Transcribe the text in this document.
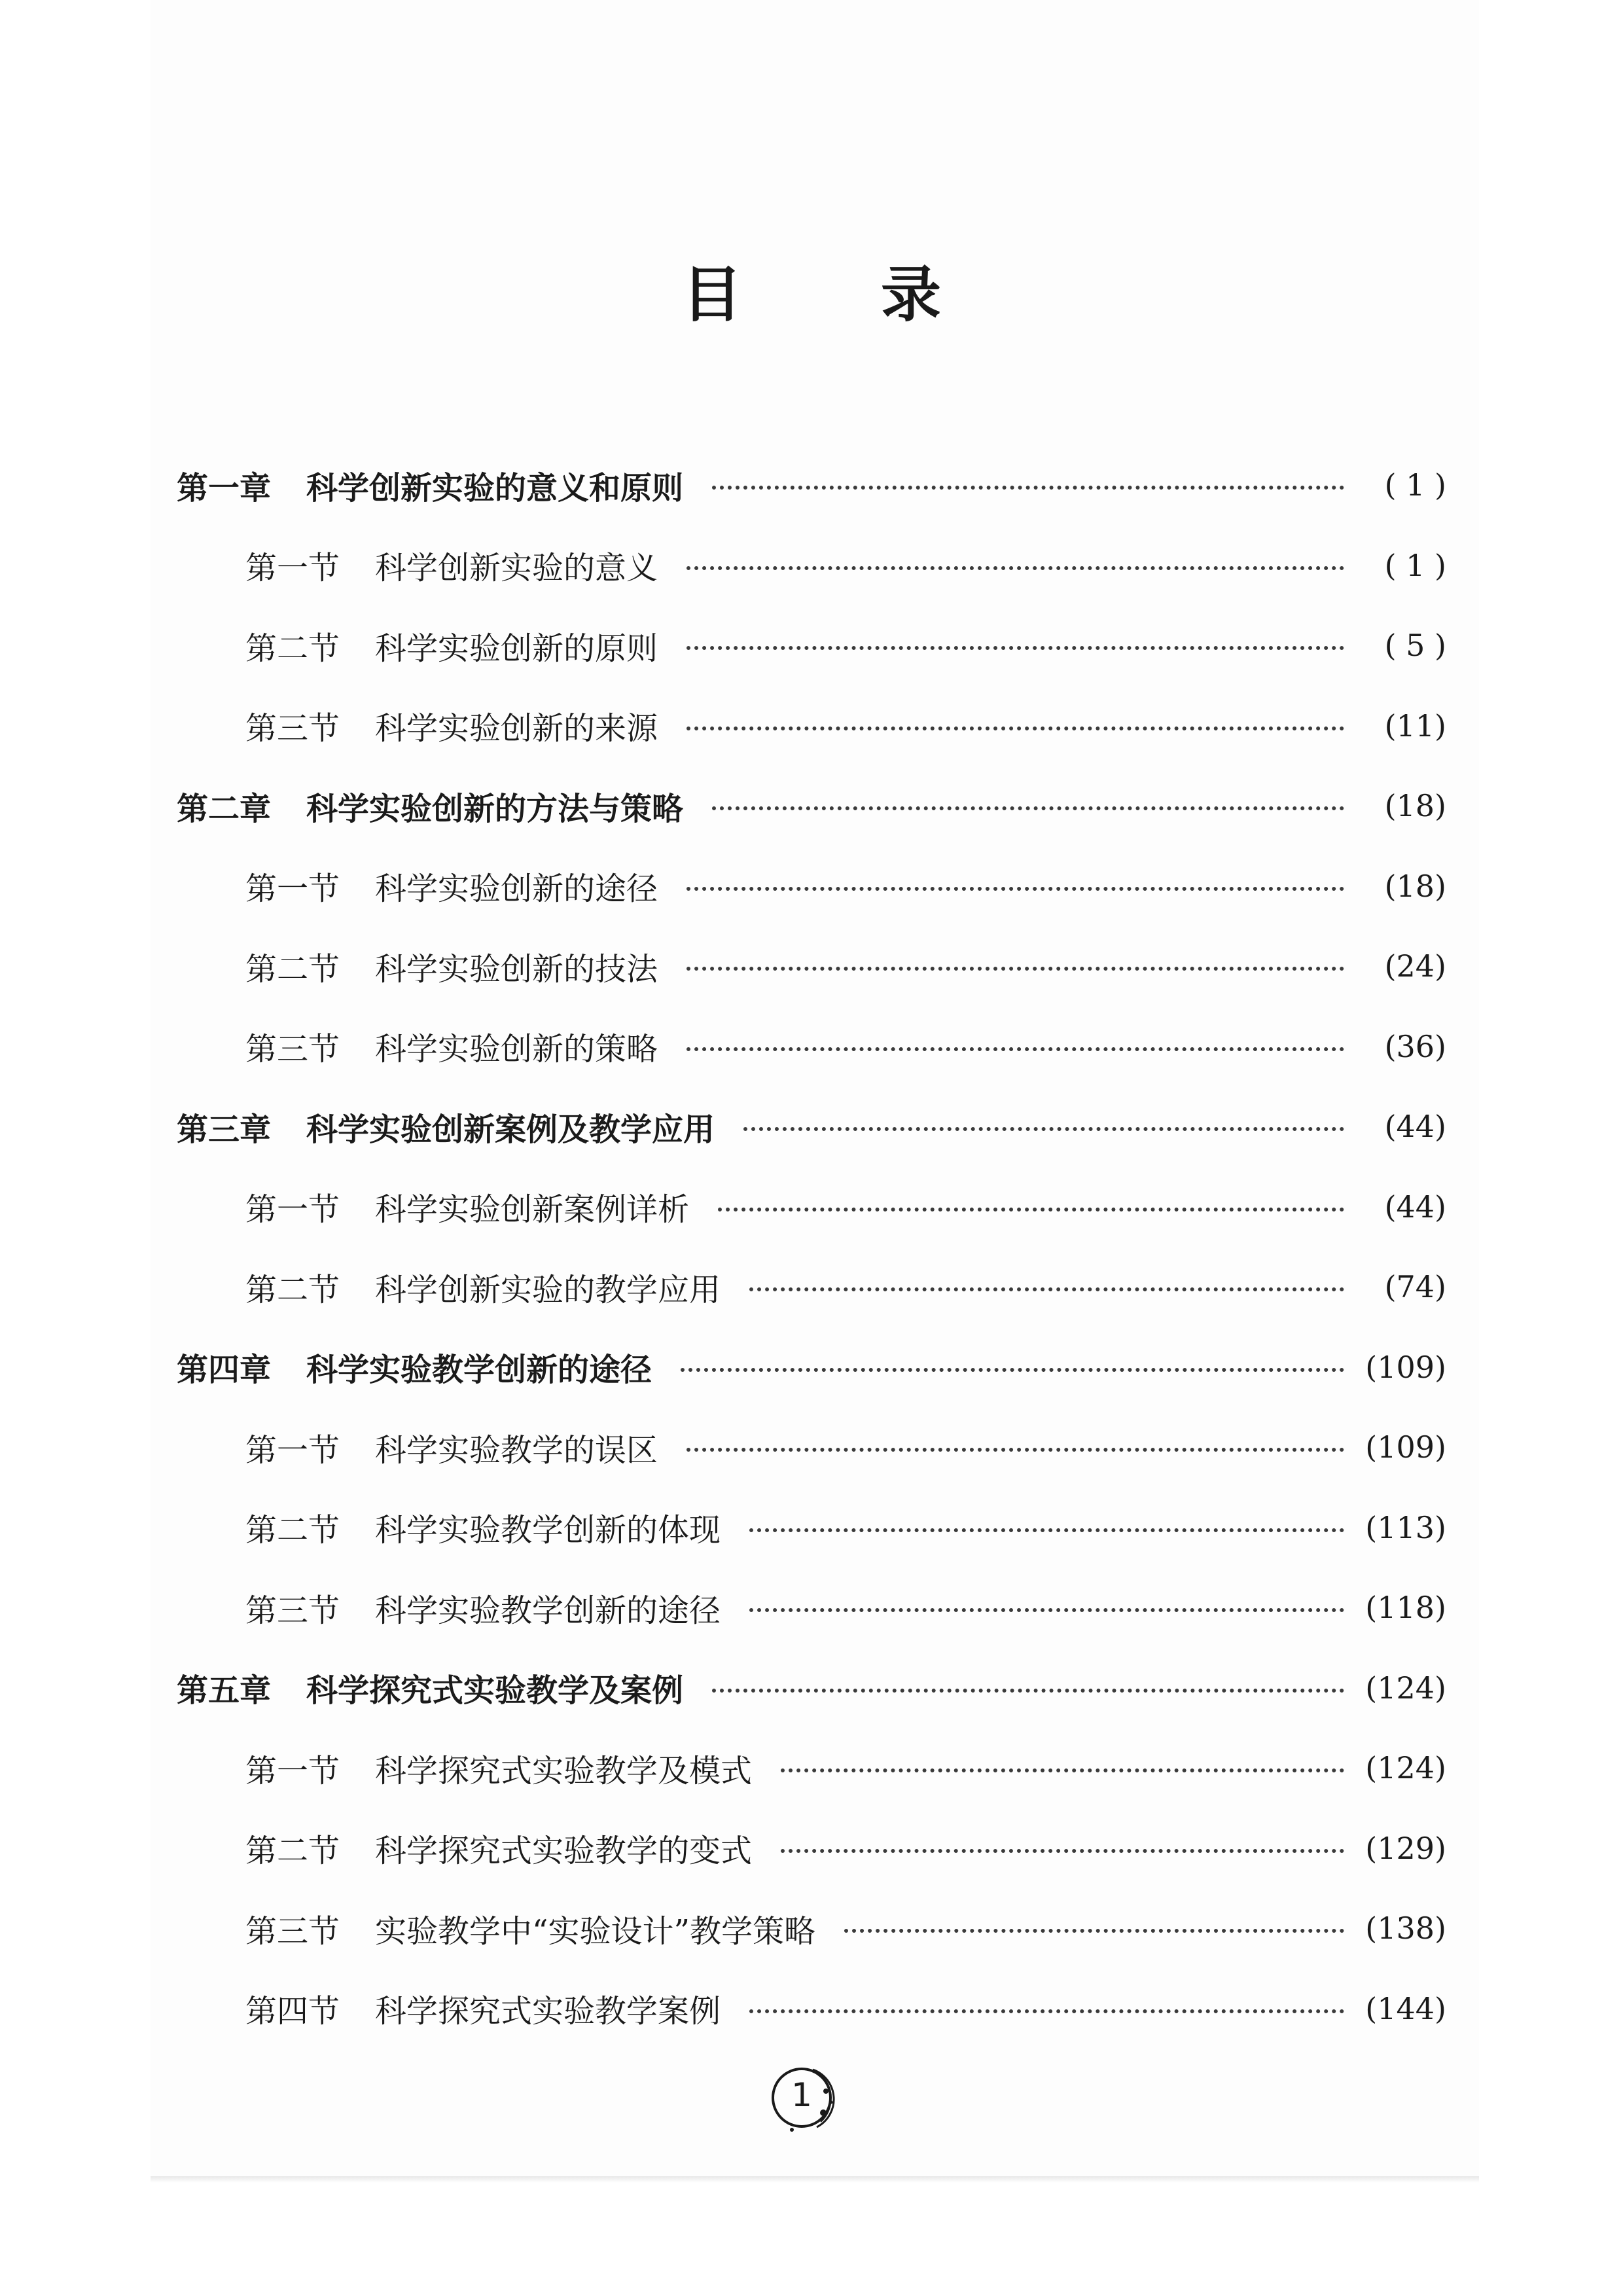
目 录
第一章 科学创新实验的意义和原则	( 1 )
第一节 科学创新实验的意义	( 1 )
第二节 科学实验创新的原则	( 5 )
第三节 科学实验创新的来源	(11)
第二章 科学实验创新的方法与策略	(18)
第一节 科学实验创新的途径	(18)
第二节 科学实验创新的技法	(24)
第三节 科学实验创新的策略	(36)
第三章 科学实验创新案例及教学应用	(44)
第一节 科学实验创新案例详析	(44)
第二节 科学创新实验的教学应用	(74)
第四章 科学实验教学创新的途径	(109)
第一节 科学实验教学的误区	(109)
第二节 科学实验教学创新的体现	(113)
第三节 科学实验教学创新的途径	(118)
第五章 科学探究式实验教学及案例	(124)
第一节 科学探究式实验教学及模式	(124)
第二节 科学探究式实验教学的变式	(129)
第三节 实验教学中“实验设计”教学策略	(138)
第四节 科学探究式实验教学案例	(144)
1
